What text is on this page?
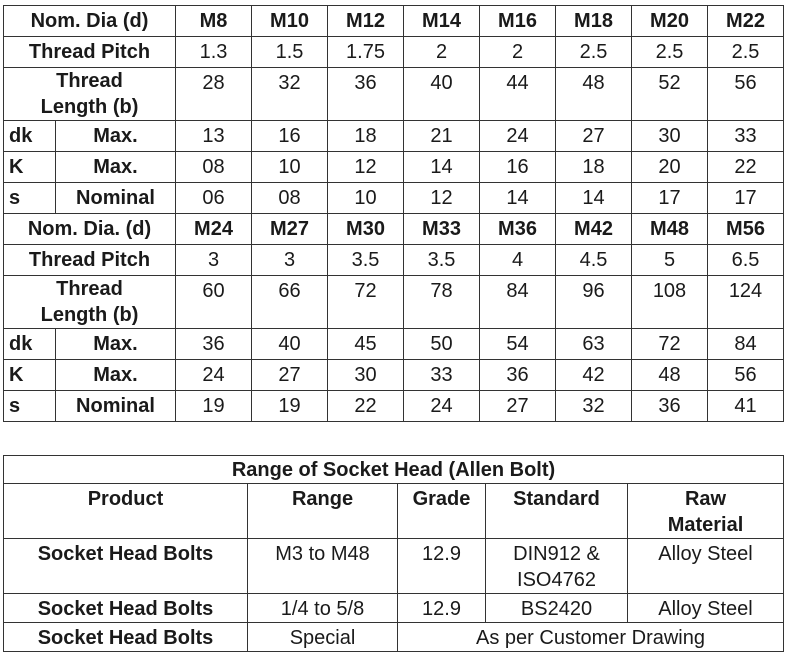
Nom. Dia (d)		M8	M10	M12	M14	M16	M18	M20	M22
Thread Pitch		1.3	1.5	1.75	2	2	2.5	2.5	2.5
Thread
Length (b)		28	32	36	40	44	48	52	56
dk	Max.	13	16	18	21	24	27	30	33
K	Max.	08	10	12	14	16	18	20	22
s	Nominal	06	08	10	12	14	14	17	17
Nom. Dia. (d)		M24	M27	M30	M33	M36	M42	M48	M56
Thread Pitch		3	3	3.5	3.5	4	4.5	5	6.5
Thread
Length (b)		60	66	72	78	84	96	108	124
dk	Max.	36	40	45	50	54	63	72	84
K	Max.	24	27	30	33	36	42	48	56
s	Nominal	19	19	22	24	27	32	36	41
Range of Socket Head (Allen Bolt)				
Product	Range	Grade	Standard	Raw
Material
Socket Head Bolts	M3 to M48	12.9	DIN912 &
ISO4762	Alloy Steel
Socket Head Bolts	1/4 to 5/8	12.9	BS2420	Alloy Steel
Socket Head Bolts	Special	As per Customer Drawing		
